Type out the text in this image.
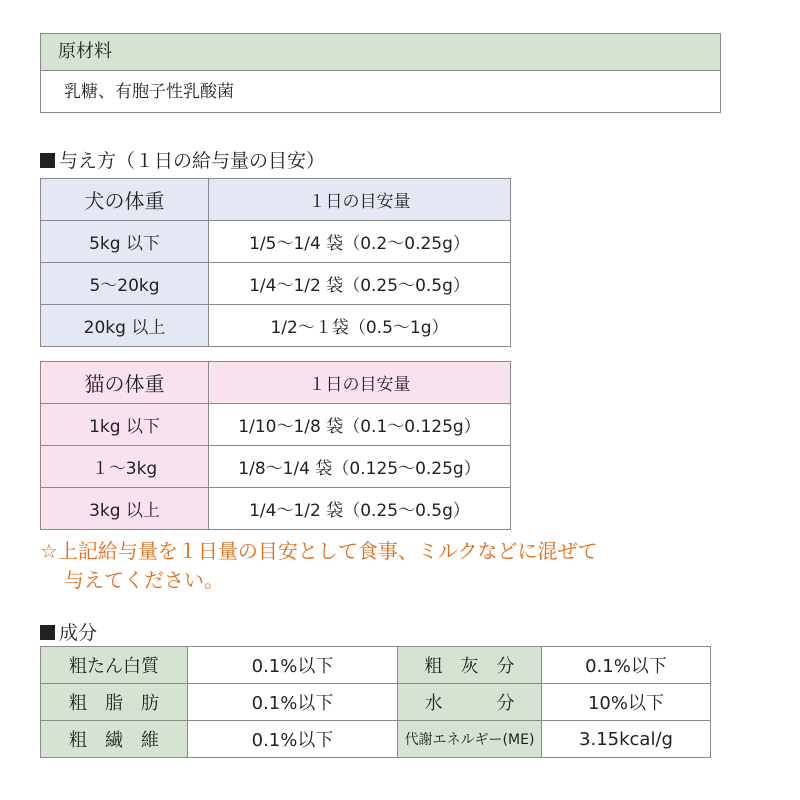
原材料
乳糖、有胞子性乳酸菌
与え方（１日の給与量の目安）
犬の体重	１日の目安量
5kg 以下	1/5～1/4 袋（0.2～0.25g）
5～20kg	1/4～1/2 袋（0.25～0.5g）
20kg 以上	1/2～１袋（0.5～1g）
猫の体重	１日の目安量
1kg 以下	1/10～1/8 袋（0.1～0.125g）
１～3kg	1/8～1/4 袋（0.125～0.25g）
3kg 以上	1/4～1/2 袋（0.25～0.5g）
☆上記給与量を１日量の目安として食事、ミルクなどに混ぜて
与えてください。
成分
粗たん白質	0.1%以下	粗　灰　分	0.1%以下
粗　脂　肪	0.1%以下	水　　　分	10%以下
粗　繊　維	0.1%以下	代謝エネルギー(ME)	3.15kcal/g
